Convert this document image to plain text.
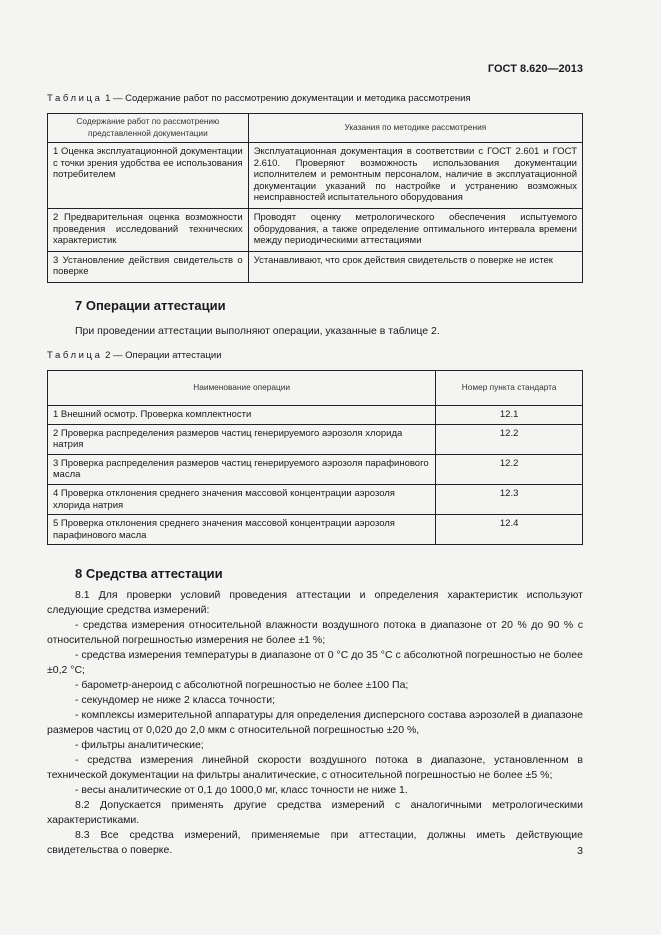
ГОСТ 8.620—2013
Таблица 1 — Содержание работ по рассмотрению документации и методика рассмотрения
Содержание работ по рассмотрению представленной документации	Указания по методике рассмотрения
1 Оценка эксплуатационной документации с точки зрения удобства ее использования потребителем	Эксплуатационная документация в соответствии с ГОСТ 2.601 и ГОСТ 2.610. Проверяют возможность использования документации исполнителем и ремонтным персоналом, наличие в эксплуатационной документации указаний по настройке и устранению возможных неисправностей испытательного оборудования
2 Предварительная оценка возможности проведения исследований технических характеристик	Проводят оценку метрологического обеспечения испытуемого оборудования, а также определение оптимального интервала времени между периодическими аттестациями
3 Установление действия свидетельств о поверке	Устанавливают, что срок действия свидетельств о поверке не истек
7 Операции аттестации

При проведении аттестации выполняют операции, указанные в таблице 2.

Таблица 2 — Операции аттестации
Наименование операции	Номер пункта стандарта
1 Внешний осмотр. Проверка комплектности	12.1
2 Проверка распределения размеров частиц генерируемого аэрозоля хлорида натрия	12.2
3 Проверка распределения размеров частиц генерируемого аэрозоля парафинового масла	12.2
4 Проверка отклонения среднего значения массовой концентрации аэрозоля хлорида натрия	12.3
5 Проверка отклонения среднего значения массовой концентрации аэрозоля парафинового масла	12.4
8 Средства аттестации

8.1 Для проверки условий проведения аттестации и определения характеристик используют следующие средства измерений:

- средства измерения относительной влажности воздушного потока в диапазоне от 20 % до 90 % с относительной погрешностью измерения не более ±1 %;

- средства измерения температуры в диапазоне от 0 °С до 35 °С с абсолютной погрешностью не более ±0,2 °С;

- барометр-анероид с абсолютной погрешностью не более ±100 Па;

- секундомер не ниже 2 класса точности;

- комплексы измерительной аппаратуры для определения дисперсного состава аэрозолей в диапазоне размеров частиц от 0,020 до 2,0 мкм с относительной погрешностью ±20 %,

- фильтры аналитические;

- средства измерения линейной скорости воздушного потока в диапазоне, установленном в технической документации на фильтры аналитические, с относительной погрешностью не более ±5 %;

- весы аналитические от 0,1 до 1000,0 мг, класс точности не ниже 1.

8.2 Допускается применять другие средства измерений с аналогичными метрологическими характеристиками.

8.3 Все средства измерений, применяемые при аттестации, должны иметь действующие свидетельства о поверке.	3
